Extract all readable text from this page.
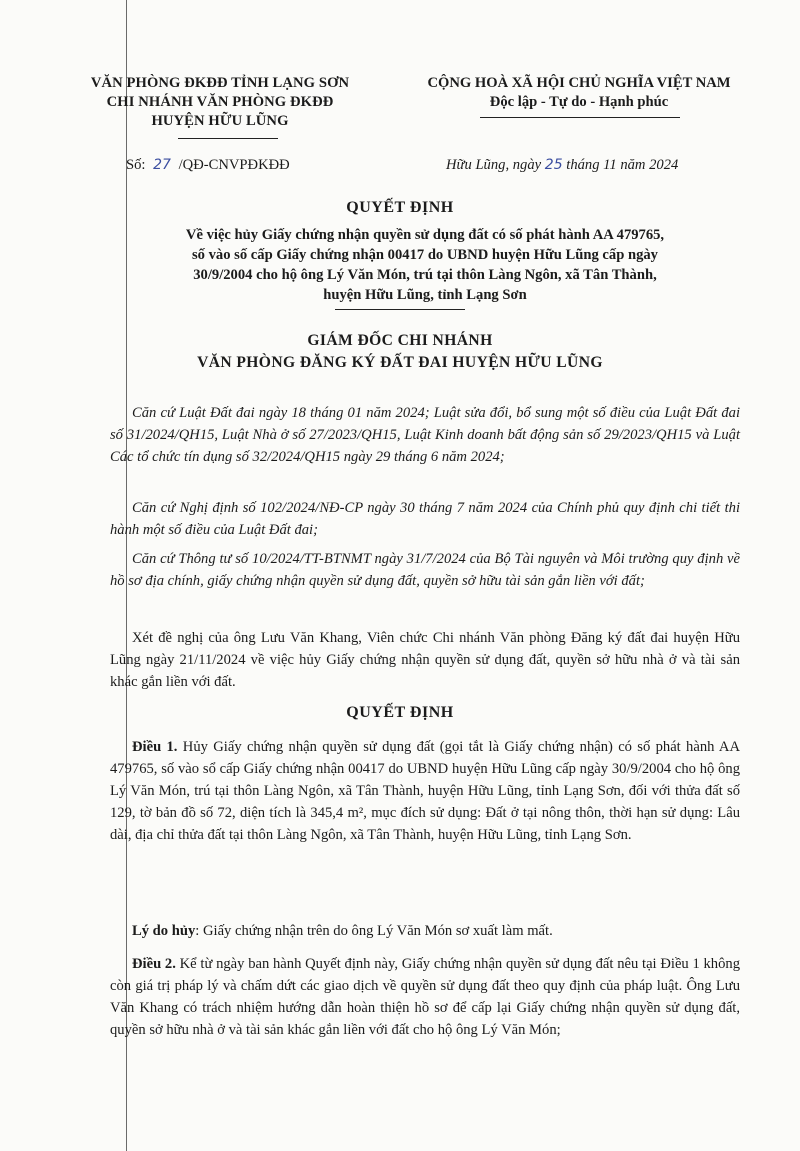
VĂN PHÒNG ĐKĐĐ TỈNH LẠNG SƠN
CHI NHÁNH VĂN PHÒNG ĐKĐĐ
HUYỆN HỮU LŨNG
CỘNG HOÀ XÃ HỘI CHỦ NGHĨA VIỆT NAM
Độc lập - Tự do - Hạnh phúc
Số: 27 /QĐ-CNVPĐKĐĐ	Hữu Lũng, ngày 25 tháng 11 năm 2024
QUYẾT ĐỊNH
Về việc hủy Giấy chứng nhận quyền sử dụng đất có số phát hành AA 479765,
số vào số cấp Giấy chứng nhận 00417 do UBND huyện Hữu Lũng cấp ngày
30/9/2004 cho hộ ông Lý Văn Món, trú tại thôn Làng Ngôn, xã Tân Thành,
huyện Hữu Lũng, tỉnh Lạng Sơn
GIÁM ĐỐC CHI NHÁNH
VĂN PHÒNG ĐĂNG KÝ ĐẤT ĐAI HUYỆN HỮU LŨNG
Căn cứ Luật Đất đai ngày 18 tháng 01 năm 2024; Luật sửa đổi, bổ sung một số điều của Luật Đất đai số 31/2024/QH15, Luật Nhà ở số 27/2023/QH15, Luật Kinh doanh bất động sản số 29/2023/QH15 và Luật Các tổ chức tín dụng số 32/2024/QH15 ngày 29 tháng 6 năm 2024;
Căn cứ Nghị định số 102/2024/NĐ-CP ngày 30 tháng 7 năm 2024 của Chính phủ quy định chi tiết thi hành một số điều của Luật Đất đai;
Căn cứ Thông tư số 10/2024/TT-BTNMT ngày 31/7/2024 của Bộ Tài nguyên và Môi trường quy định về hồ sơ địa chính, giấy chứng nhận quyền sử dụng đất, quyền sở hữu tài sản gắn liền với đất;
Xét đề nghị của ông Lưu Văn Khang, Viên chức Chi nhánh Văn phòng Đăng ký đất đai huyện Hữu Lũng ngày 21/11/2024 về việc hủy Giấy chứng nhận quyền sử dụng đất, quyền sở hữu nhà ở và tài sản khác gắn liền với đất.
QUYẾT ĐỊNH
Điều 1. Hủy Giấy chứng nhận quyền sử dụng đất (gọi tắt là Giấy chứng nhận) có số phát hành AA 479765, số vào sổ cấp Giấy chứng nhận 00417 do UBND huyện Hữu Lũng cấp ngày 30/9/2004 cho hộ ông Lý Văn Món, trú tại thôn Làng Ngôn, xã Tân Thành, huyện Hữu Lũng, tỉnh Lạng Sơn, đối với thửa đất số 129, tờ bản đồ số 72, diện tích là 345,4 m², mục đích sử dụng: Đất ở tại nông thôn, thời hạn sử dụng: Lâu dài, địa chỉ thửa đất tại thôn Làng Ngôn, xã Tân Thành, huyện Hữu Lũng, tỉnh Lạng Sơn.
Lý do hủy: Giấy chứng nhận trên do ông Lý Văn Món sơ xuất làm mất.
Điều 2. Kể từ ngày ban hành Quyết định này, Giấy chứng nhận quyền sử dụng đất nêu tại Điều 1 không còn giá trị pháp lý và chấm dứt các giao dịch về quyền sử dụng đất theo quy định của pháp luật. Ông Lưu Văn Khang có trách nhiệm hướng dẫn hoàn thiện hồ sơ để cấp lại Giấy chứng nhận quyền sử dụng đất, quyền sở hữu nhà ở và tài sản khác gắn liền với đất cho hộ ông Lý Văn Món;
